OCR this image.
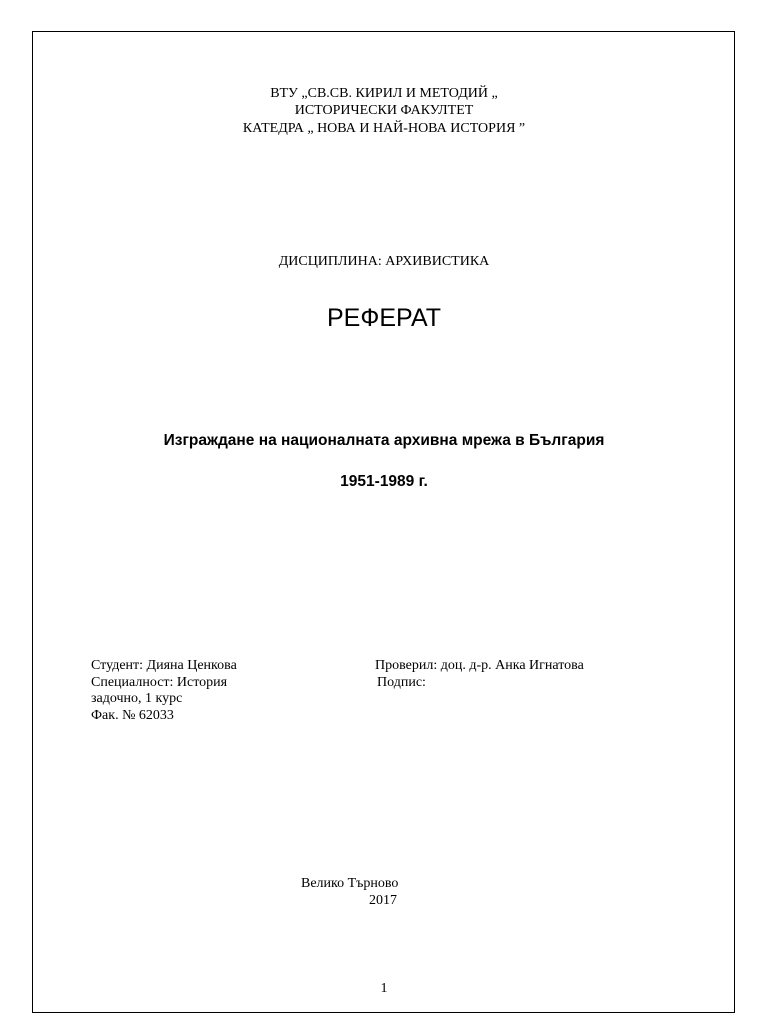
ВТУ „СВ.СВ. КИРИЛ И МЕТОДИЙ „
ИСТОРИЧЕСКИ ФАКУЛТЕТ
КАТЕДРА „ НОВА И НАЙ-НОВА ИСТОРИЯ ”
ДИСЦИПЛИНА: АРХИВИСТИКА
РЕФЕРАТ
Изграждане на националната архивна мрежа в България
1951-1989 г.
Студент: Дияна Ценкова
Специалност: История
задочно, 1 курс
Фак. № 62033
Проверил: доц. д-р. Анка Игнатова
Подпис:
Велико Търново
2017
1
